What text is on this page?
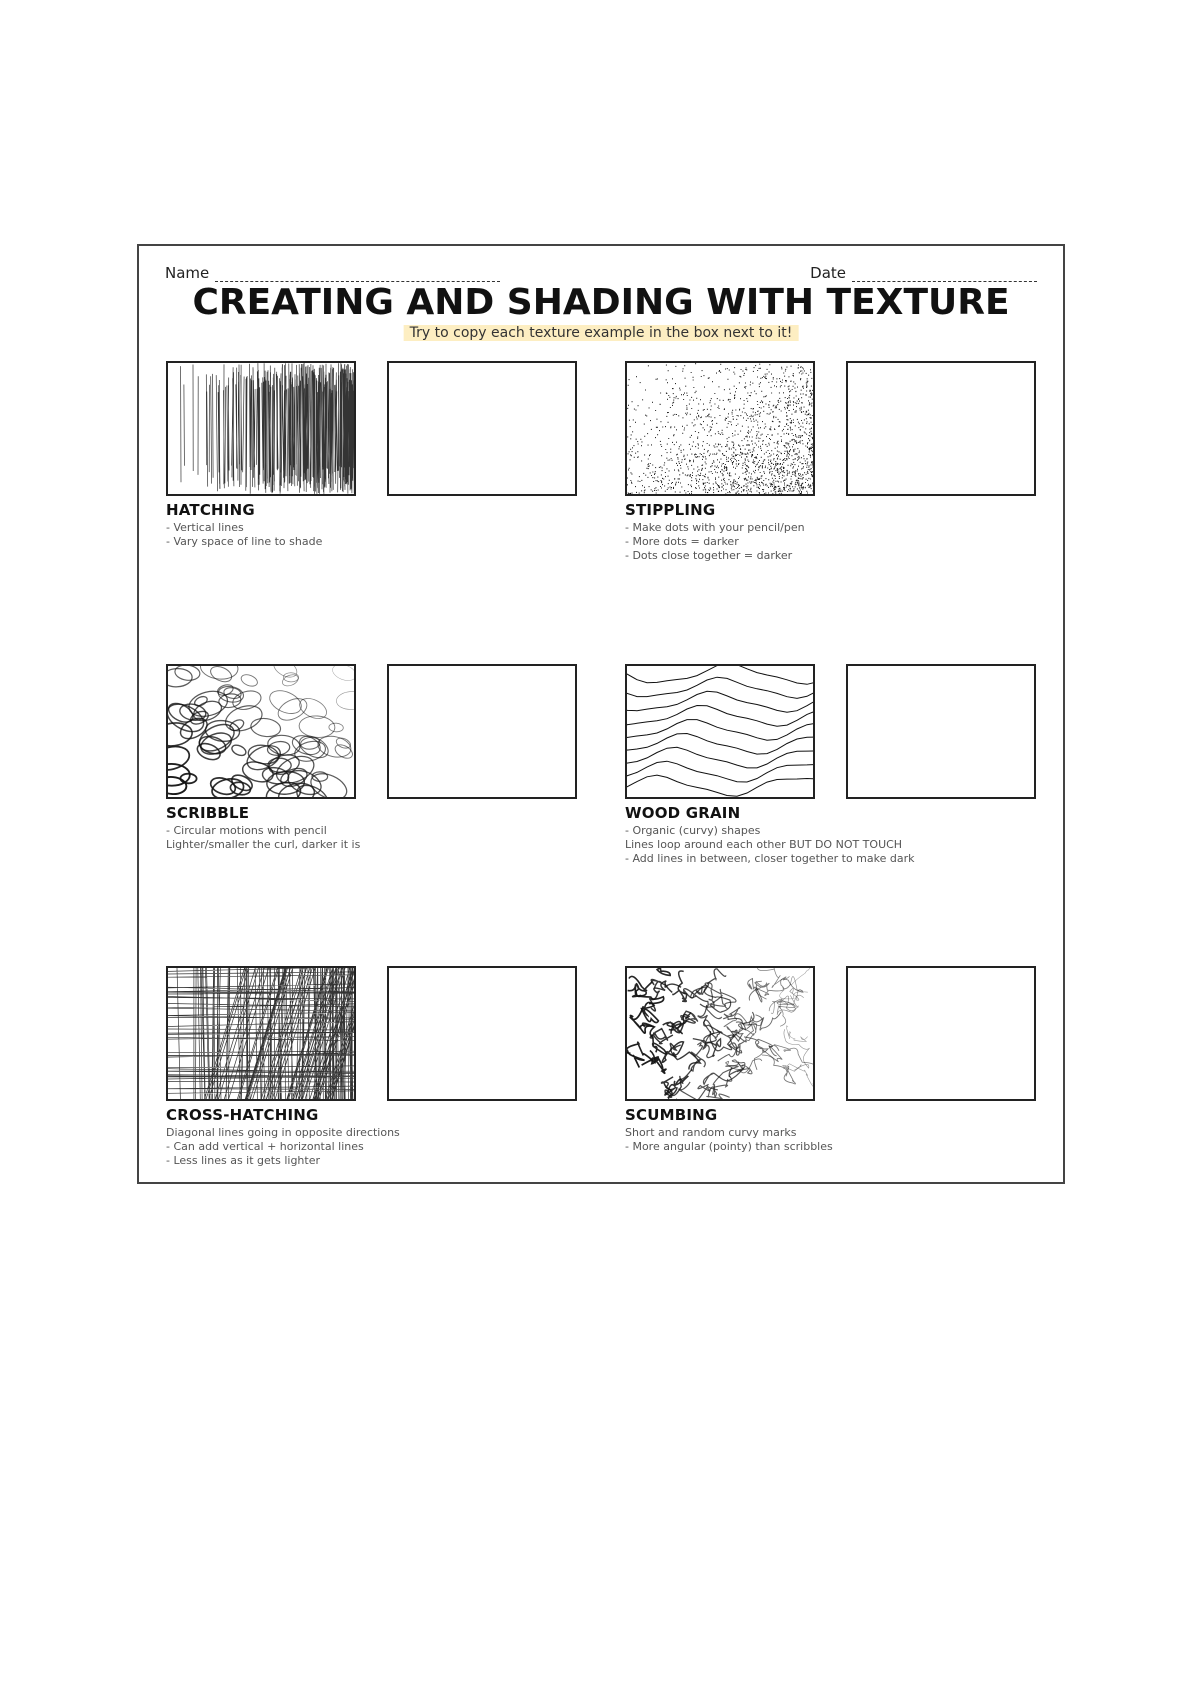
Name	Date
CREATING AND SHADING WITH TEXTURE
Try to copy each texture example in the box next to it!
HATCHING
- Vertical lines
- Vary space of line to shade
STIPPLING
- Make dots with your pencil/pen
- More dots = darker
- Dots close together = darker
SCRIBBLE
- Circular motions with pencil
Lighter/smaller the curl, darker it is
WOOD GRAIN
- Organic (curvy) shapes
Lines loop around each other BUT DO NOT TOUCH
- Add lines in between, closer together to make dark
CROSS-HATCHING
Diagonal lines going in opposite directions
- Can add vertical + horizontal lines
- Less lines as it gets lighter
SCUMBING
Short and random curvy marks
- More angular (pointy) than scribbles
